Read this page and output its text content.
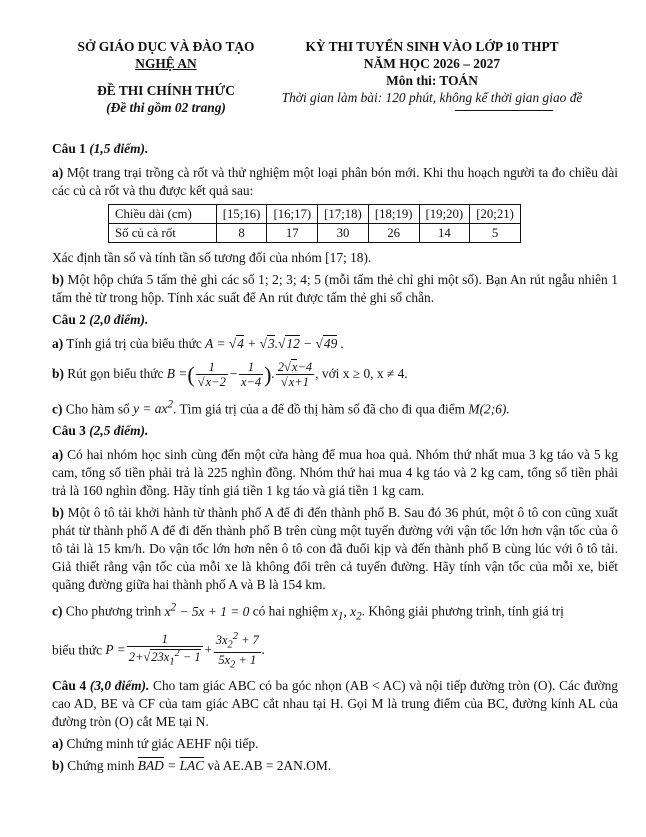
SỞ GIÁO DỤC VÀ ĐÀO TẠO
NGHỆ AN
ĐỀ THI CHÍNH THỨC
(Đề thi gồm 02 trang)
KỲ THI TUYỂN SINH VÀO LỚP 10 THPT
NĂM HỌC 2026 – 2027
Môn thi: TOÁN
Thời gian làm bài: 120 phút, không kể thời gian giao đề
Câu 1 (1,5 điểm).

a) Một trang trại trồng cà rốt và thử nghiệm một loại phân bón mới. Khi thu hoạch người ta đo chiều dài các củ cà rốt và thu được kết quả sau:

Chiều dài (cm)	[15;16)	[16;17)	[17;18)	[18;19)	[19;20)	[20;21)
Số củ cà rốt	8	17	30	26	14	5

Xác định tần số và tính tần số tương đối của nhóm [17; 18).

b) Một hộp chứa 5 tấm thẻ ghi các số 1; 2; 3; 4; 5 (mỗi tấm thẻ chỉ ghi một số). Bạn An rút ngẫu nhiên 1 tấm thẻ từ trong hộp. Tính xác suất để An rút được tấm thẻ ghi số chẵn.

Câu 2 (2,0 điểm).

a) Tính giá trị của biểu thức A = √4 + √3.√12 − √49 .

b) Rút gọn biểu thức B =( $\frac{1}{√x-2} - \frac{1}{x-4}$ ). $\frac{2√x-4}{√x+1}$ , với x ≥ 0, x ≠ 4.

c) Cho hàm số $y = ax^2$. Tìm giá trị của a để đồ thị hàm số đã cho đi qua điểm M(2;6).

Câu 3 (2,5 điểm).

a) Có hai nhóm học sinh cùng đến một cửa hàng để mua hoa quả. Nhóm thứ nhất mua 3 kg táo và 5 kg cam, tổng số tiền phải trả là 225 nghìn đồng. Nhóm thứ hai mua 4 kg táo và 2 kg cam, tổng số tiền phải trả là 160 nghìn đồng. Hãy tính giá tiền 1 kg táo và giá tiền 1 kg cam.

b) Một ô tô tải khởi hành từ thành phố A để đi đến thành phố B. Sau đó 36 phút, một ô tô con cũng xuất phát từ thành phố A để đi đến thành phố B trên cùng một tuyến đường với vận tốc lớn hơn vận tốc của ô tô tải là 15 km/h. Do vận tốc lớn hơn nên ô tô con đã đuổi kịp và đến thành phố B cùng lúc với ô tô tải. Giả thiết rằng vận tốc của mỗi xe là không đổi trên cả tuyến đường. Hãy tính vận tốc của mỗi xe, biết quãng đường giữa hai thành phố A và B là 154 km.

c) Cho phương trình $x^2 - 5x + 1 = 0$ có hai nghiệm $x_1$, $x_2$. Không giải phương trình, tính giá trị

biểu thức $P = \frac{1}{2+√23x_1^2 - 1} + \frac{3x_2^2 + 7}{5x_2 + 1}$ .

Câu 4 (3,0 điểm). Cho tam giác ABC có ba góc nhọn (AB < AC) và nội tiếp đường tròn (O). Các đường cao AD, BE và CF của tam giác ABC cắt nhau tại H. Gọi M là trung điểm của BC, đường kính AL của đường tròn (O) cắt ME tại N.

a) Chứng minh tứ giác AEHF nội tiếp.

b) Chứng minh $\overline{BAD} = \overline{LAC}$ và AE.AB = 2AN.OM.
